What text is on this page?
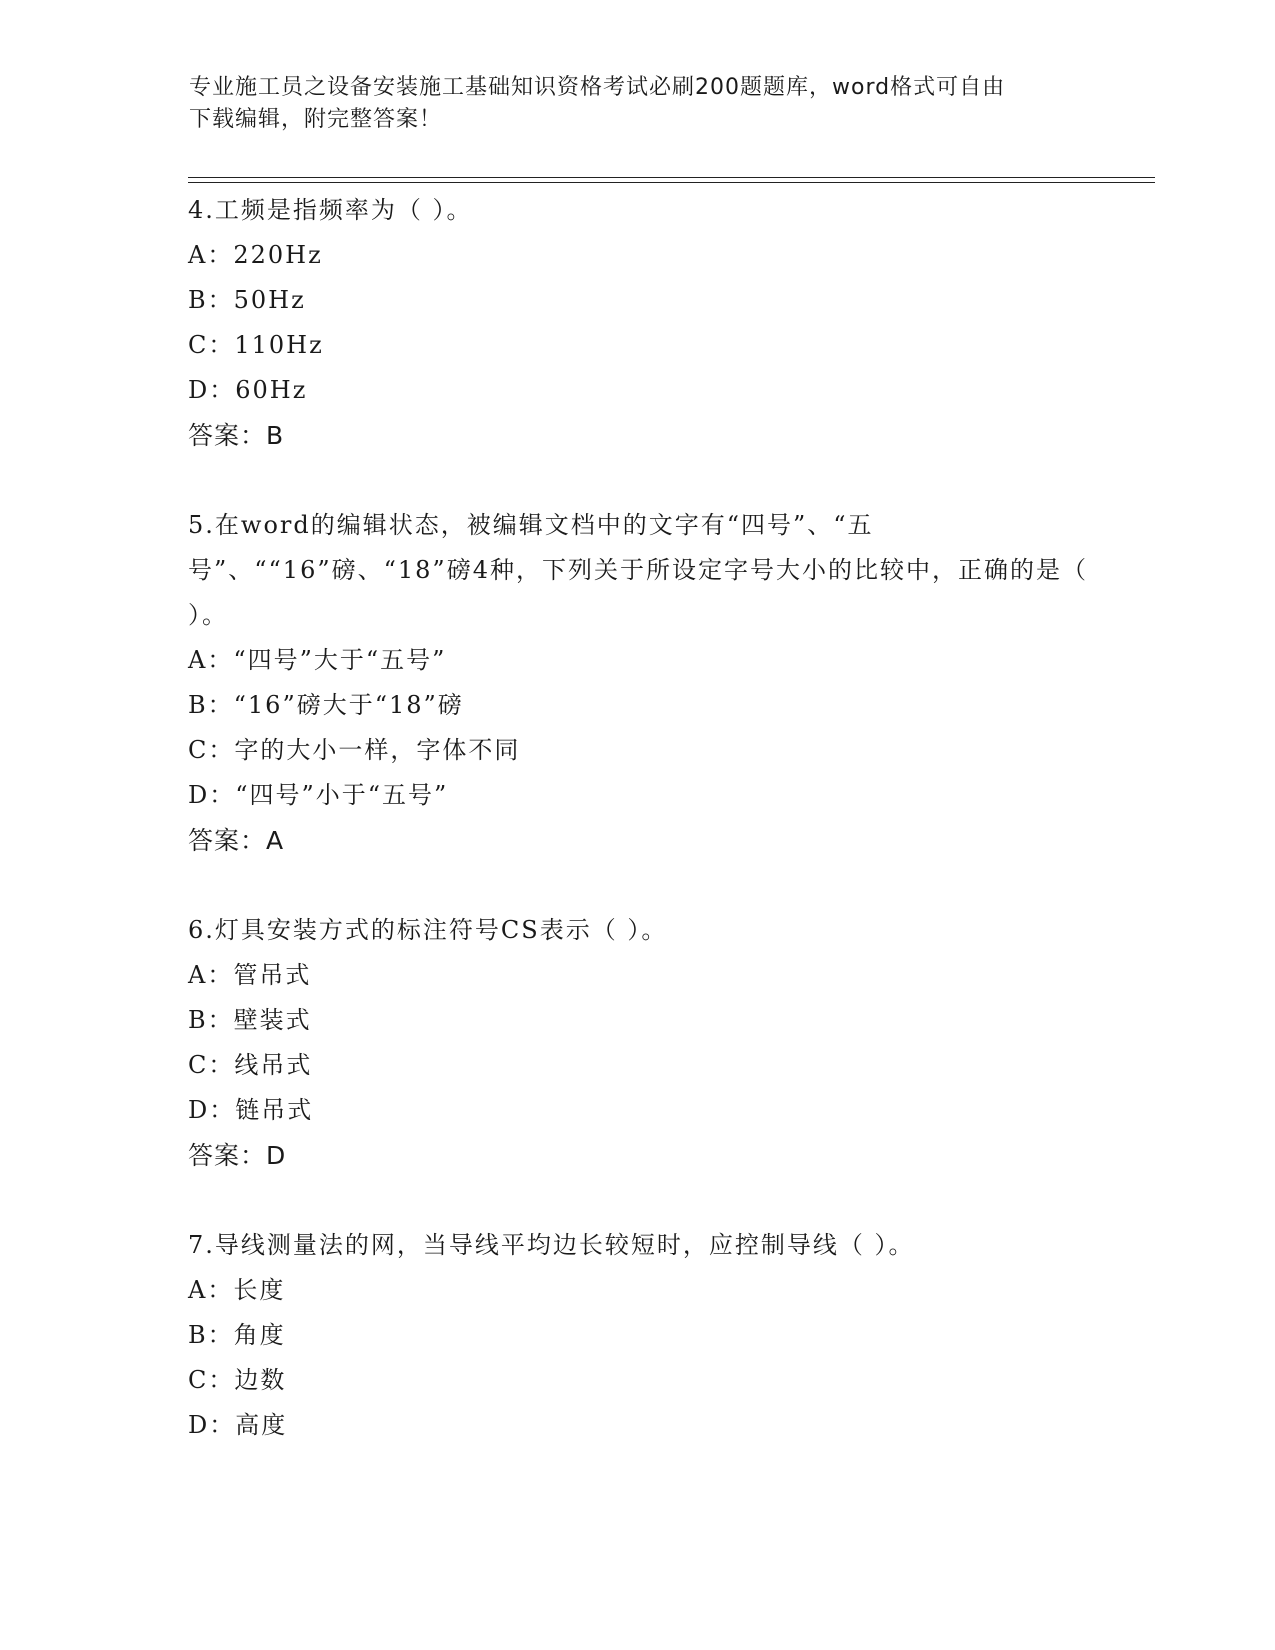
专业施工员之设备安装施工基础知识资格考试必刷200题题库，word格式可自由
下载编辑，附完整答案！
4.工频是指频率为（ ）。
A：220Hz
B：50Hz
C：110Hz
D：60Hz
答案：B
5.在word的编辑状态，被编辑文档中的文字有“四号”、“五号”、““16”磅、“18”磅4种，下列关于所设定字号大小的比较中，正确的是（ ）。
A：“四号”大于“五号”
B：“16”磅大于“18”磅
C：字的大小一样，字体不同
D：“四号”小于“五号”
答案：A
6.灯具安装方式的标注符号CS表示（ ）。
A：管吊式
B：壁装式
C：线吊式
D：链吊式
答案：D
7.导线测量法的网，当导线平均边长较短时，应控制导线（ ）。
A：长度
B：角度
C：边数
D：高度
